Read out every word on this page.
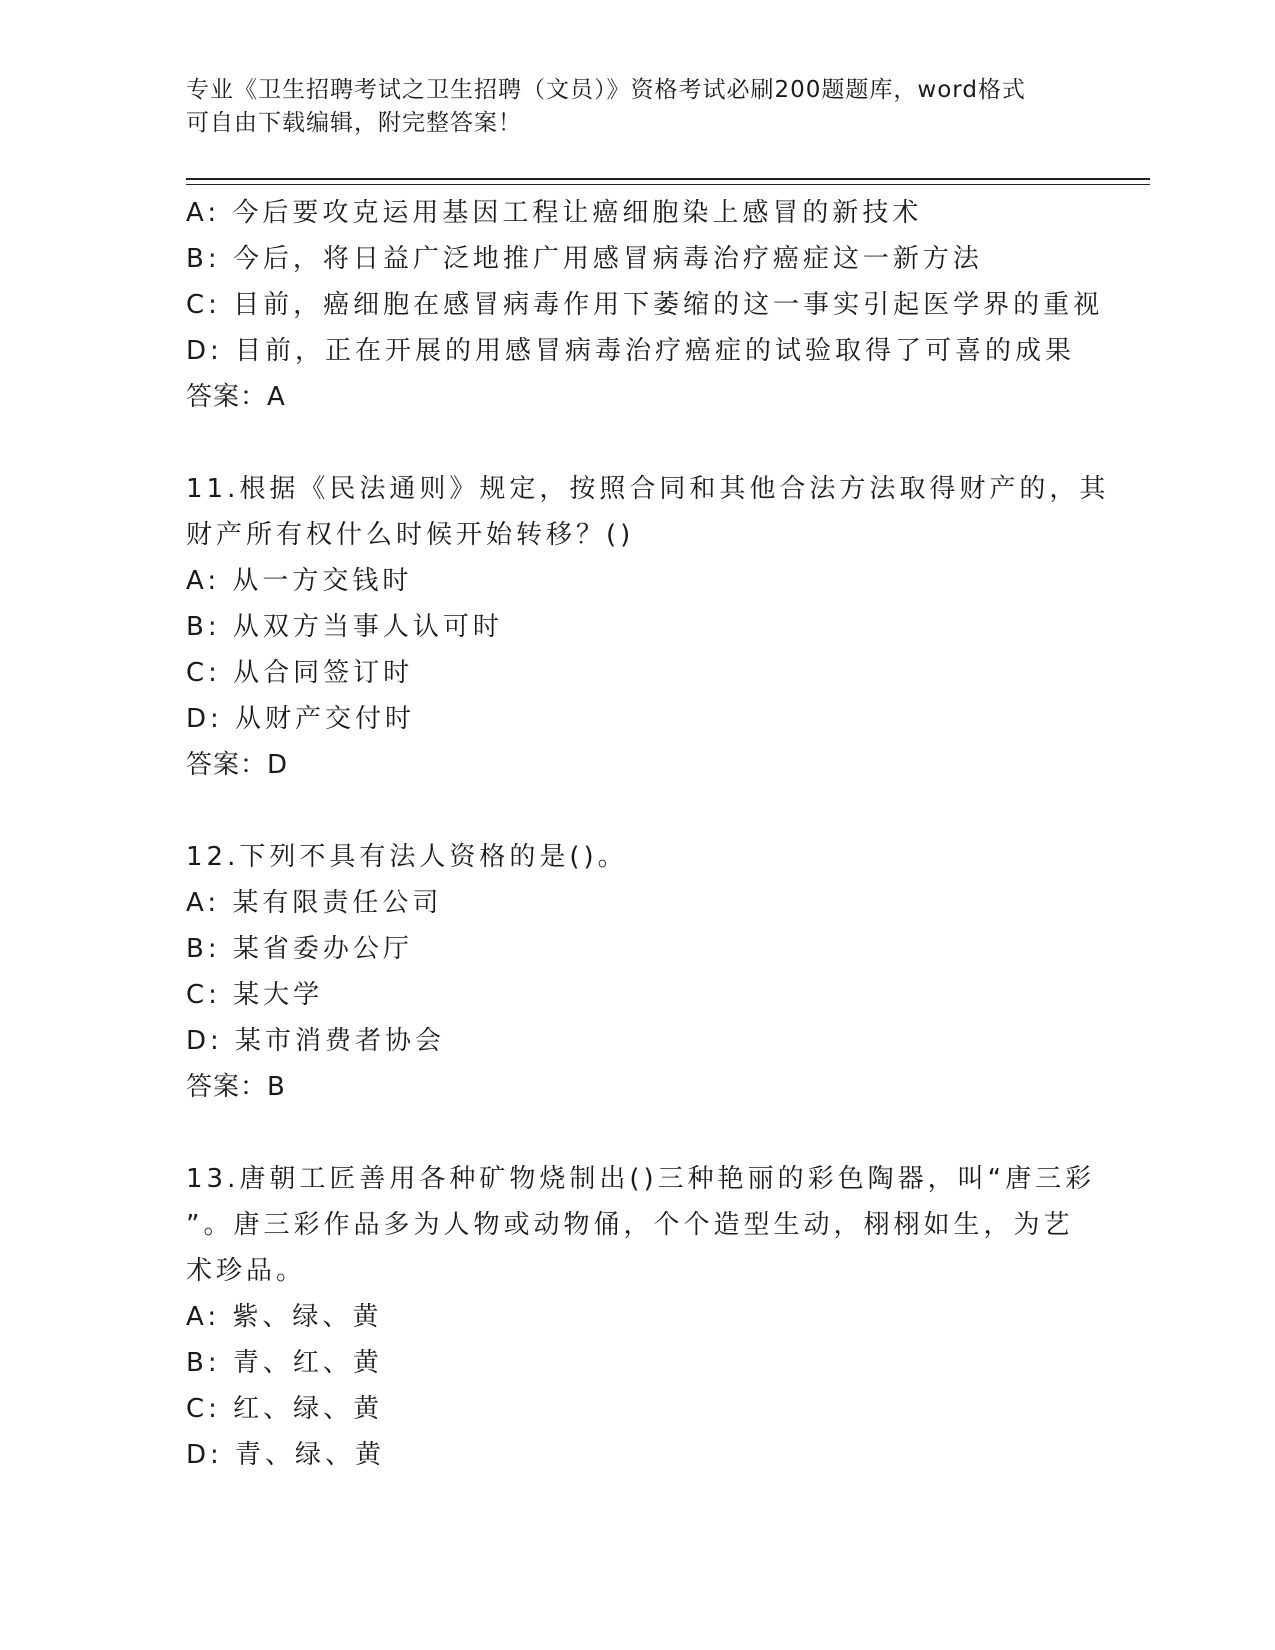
专业《卫生招聘考试之卫生招聘（文员）》资格考试必刷200题题库，word格式
可自由下载编辑，附完整答案！
A: 今后要攻克运用基因工程让癌细胞染上感冒的新技术
B: 今后，将日益广泛地推广用感冒病毒治疗癌症这一新方法
C: 目前，癌细胞在感冒病毒作用下萎缩的这一事实引起医学界的重视
D: 目前，正在开展的用感冒病毒治疗癌症的试验取得了可喜的成果
答案：A
11.根据《民法通则》规定，按照合同和其他合法方法取得财产的，其
财产所有权什么时候开始转移？()
A: 从一方交钱时
B: 从双方当事人认可时
C: 从合同签订时
D: 从财产交付时
答案：D
12.下列不具有法人资格的是()。
A: 某有限责任公司
B: 某省委办公厅
C: 某大学
D: 某市消费者协会
答案：B
13.唐朝工匠善用各种矿物烧制出()三种艳丽的彩色陶器，叫“唐三彩
”。唐三彩作品多为人物或动物俑，个个造型生动，栩栩如生，为艺
术珍品。
A: 紫、绿、黄
B: 青、红、黄
C: 红、绿、黄
D: 青、绿、黄
